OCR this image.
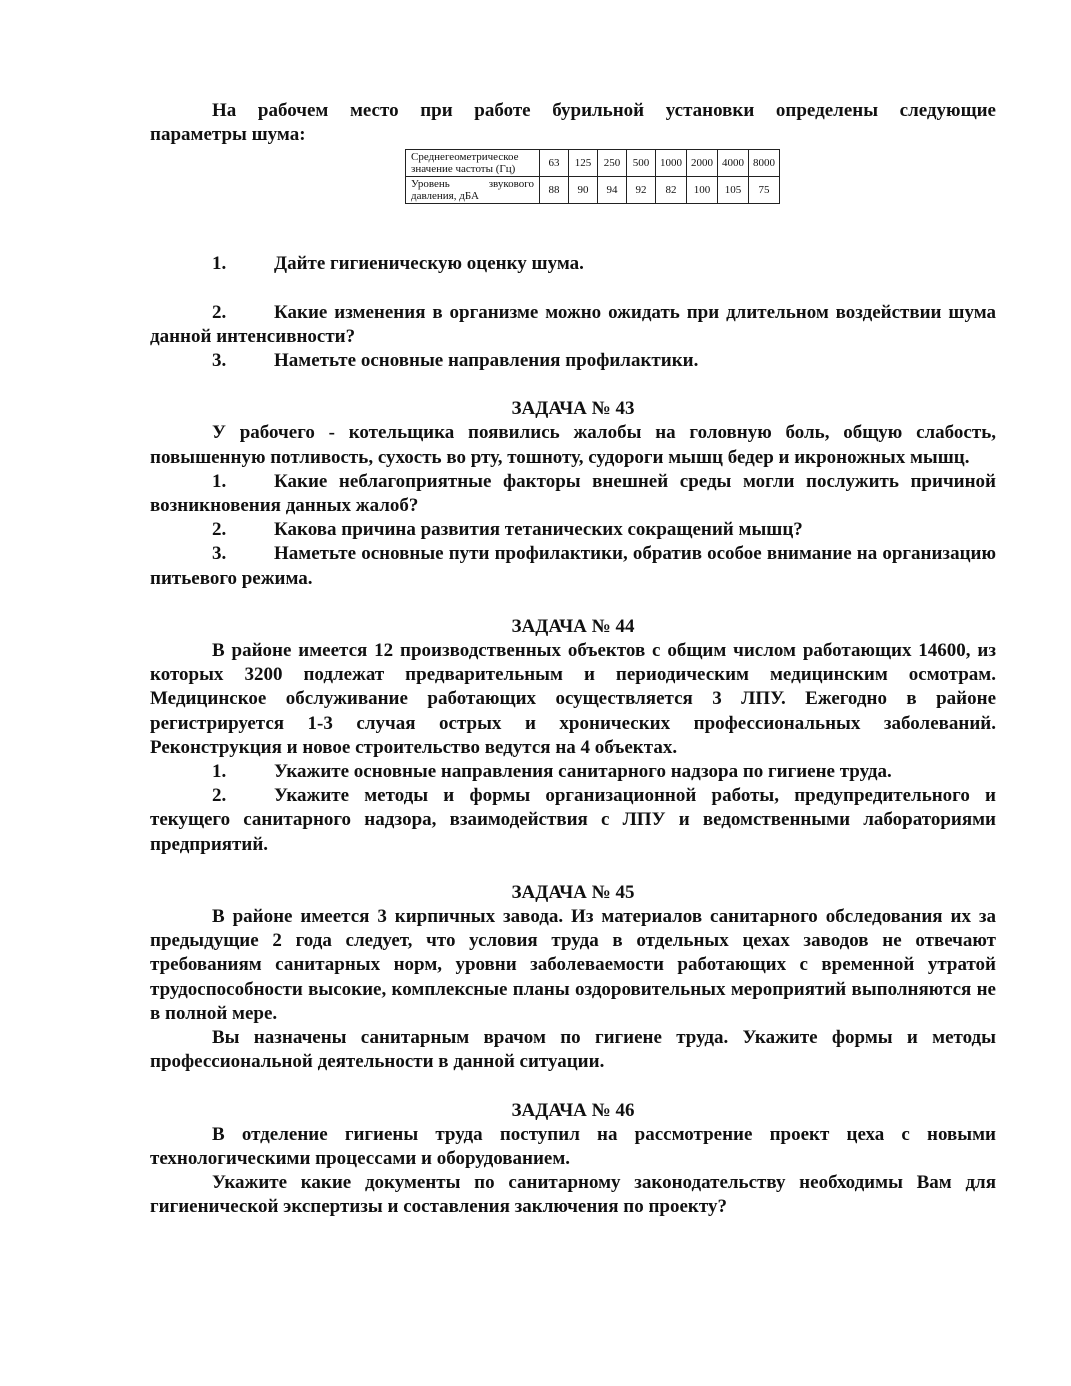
На рабочем место при работе бурильной установки определены следующие

параметры шума:

Среднегеометрическое значение частоты (Гц)	63	125	250	500	1000	2000	4000	8000
Уровень звукового давления, дБА	88	90	94	92	82	100	105	75
1.	Дайте гигиеническую оценку шума.

2.	Какие изменения в организме можно ожидать при длительном воздействии шума данной интенсивности?

3.	Наметьте основные направления профилактики.

ЗАДАЧА № 43

У рабочего - котельщика появились жалобы на головную боль, общую слабость, повышенную потливость, сухость во рту, тошноту, судороги мышц бедер и икроножных мышц.

1.	Какие неблагоприятные факторы внешней среды могли послужить причиной возникновения данных жалоб?

2.	Какова причина развития тетанических сокращений мышц?

3.	Наметьте основные пути профилактики, обратив особое внимание на организацию питьевого режима.

ЗАДАЧА № 44

В районе имеется 12 производственных объектов с общим числом работающих 14600, из которых 3200 подлежат предварительным и периодическим медицинским осмотрам. Медицинское обслуживание работающих осуществляется 3 ЛПУ. Ежегодно в районе регистрируется 1-3 случая острых и хронических профессиональных заболеваний. Реконструкция и новое строительство ведутся на 4 объектах.

1.	Укажите основные направления санитарного надзора по гигиене труда.

2.	Укажите методы и формы организационной работы, предупредительного и текущего санитарного надзора, взаимодействия с ЛПУ и ведомственными лабораториями предприятий.

ЗАДАЧА № 45

В районе имеется 3 кирпичных завода. Из материалов санитарного обследования их за предыдущие 2 года следует, что условия труда в отдельных цехах заводов не отвечают требованиям санитарных норм, уровни заболеваемости работающих с временной утратой трудоспособности высокие, комплексные планы оздоровительных мероприятий выполняются не в полной мере.

Вы назначены санитарным врачом по гигиене труда. Укажите формы и методы профессиональной деятельности в данной ситуации.

ЗАДАЧА № 46

В отделение гигиены труда поступил на рассмотрение проект цеха с новыми технологическими процессами и оборудованием.

Укажите какие документы по санитарному законодательству необходимы Вам для гигиенической экспертизы и составления заключения по проекту?
